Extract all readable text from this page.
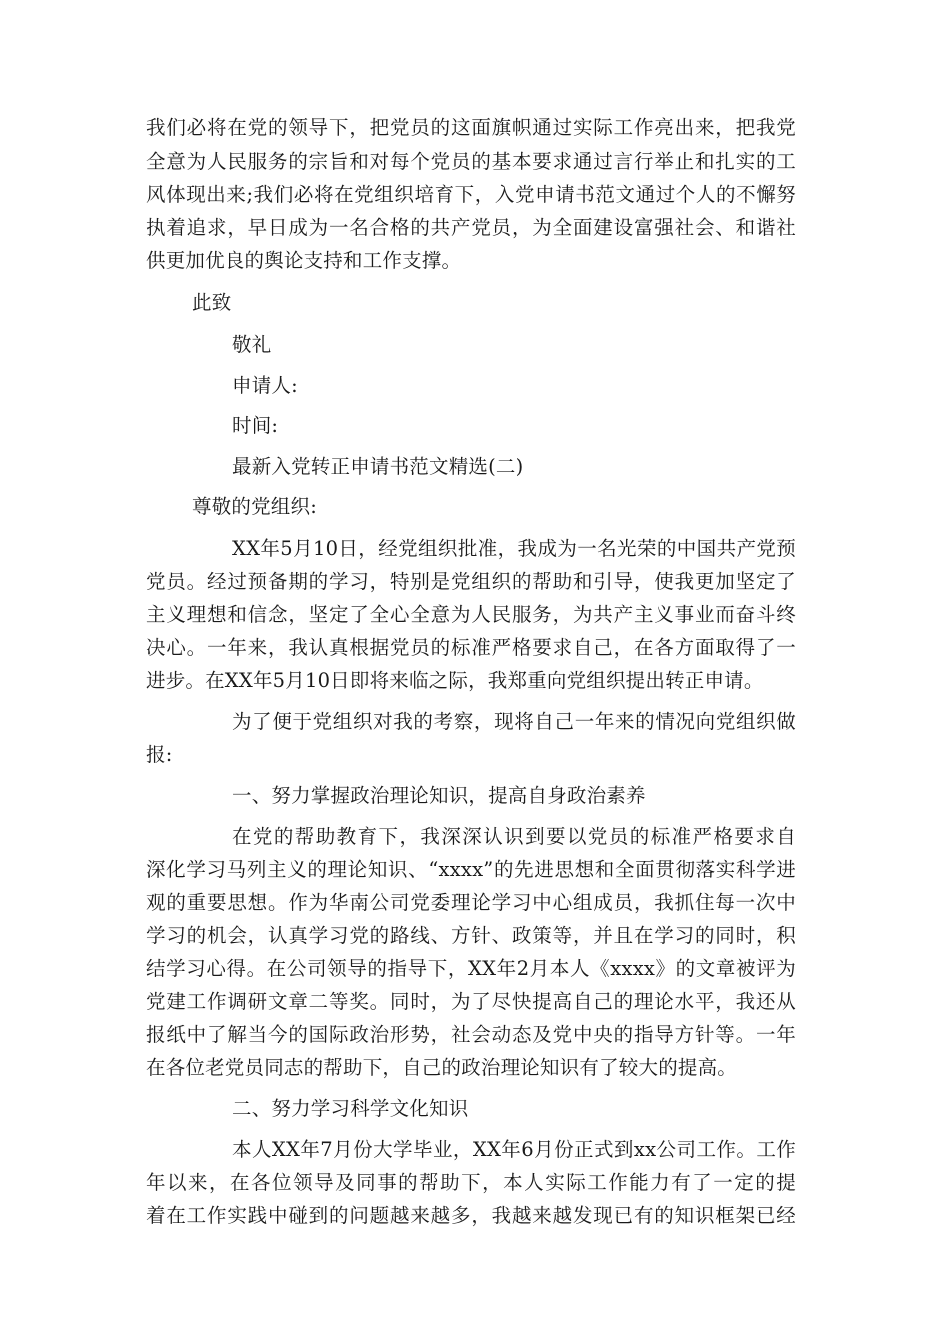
我们必将在党的领导下，把党员的这面旗帜通过实际工作亮出来，把我党
全意为人民服务的宗旨和对每个党员的基本要求通过言行举止和扎实的工
风体现出来;我们必将在党组织培育下，入党申请书范文通过个人的不懈努
执着追求，早日成为一名合格的共产党员，为全面建设富强社会、和谐社
供更加优良的舆论支持和工作支撑。
此致
敬礼
申请人:
时间:
最新入党转正申请书范文精选(二)
尊敬的党组织:
XX年5月10日，经党组织批准，我成为一名光荣的中国共产党预
党员。经过预备期的学习，特别是党组织的帮助和引导，使我更加坚定了
主义理想和信念，坚定了全心全意为人民服务，为共产主义事业而奋斗终
决心。一年来，我认真根据党员的标准严格要求自己，在各方面取得了一
进步。在XX年5月10日即将来临之际，我郑重向党组织提出转正申请。
为了便于党组织对我的考察，现将自己一年来的情况向党组织做
报:
一、努力掌握政治理论知识，提高自身政治素养
在党的帮助教育下，我深深认识到要以党员的标准严格要求自
深化学习马列主义的理论知识、“xxxx”的先进思想和全面贯彻落实科学进
观的重要思想。作为华南公司党委理论学习中心组成员，我抓住每一次中
学习的机会，认真学习党的路线、方针、政策等，并且在学习的同时，积
结学习心得。在公司领导的指导下，XX年2月本人《xxxx》的文章被评为
党建工作调研文章二等奖。同时，为了尽快提高自己的理论水平，我还从
报纸中了解当今的国际政治形势，社会动态及党中央的指导方针等。一年
在各位老党员同志的帮助下，自己的政治理论知识有了较大的提高。
二、努力学习科学文化知识
本人XX年7月份大学毕业，XX年6月份正式到xx公司工作。工作
年以来，在各位领导及同事的帮助下，本人实际工作能力有了一定的提
着在工作实践中碰到的问题越来越多，我越来越发现已有的知识框架已经
